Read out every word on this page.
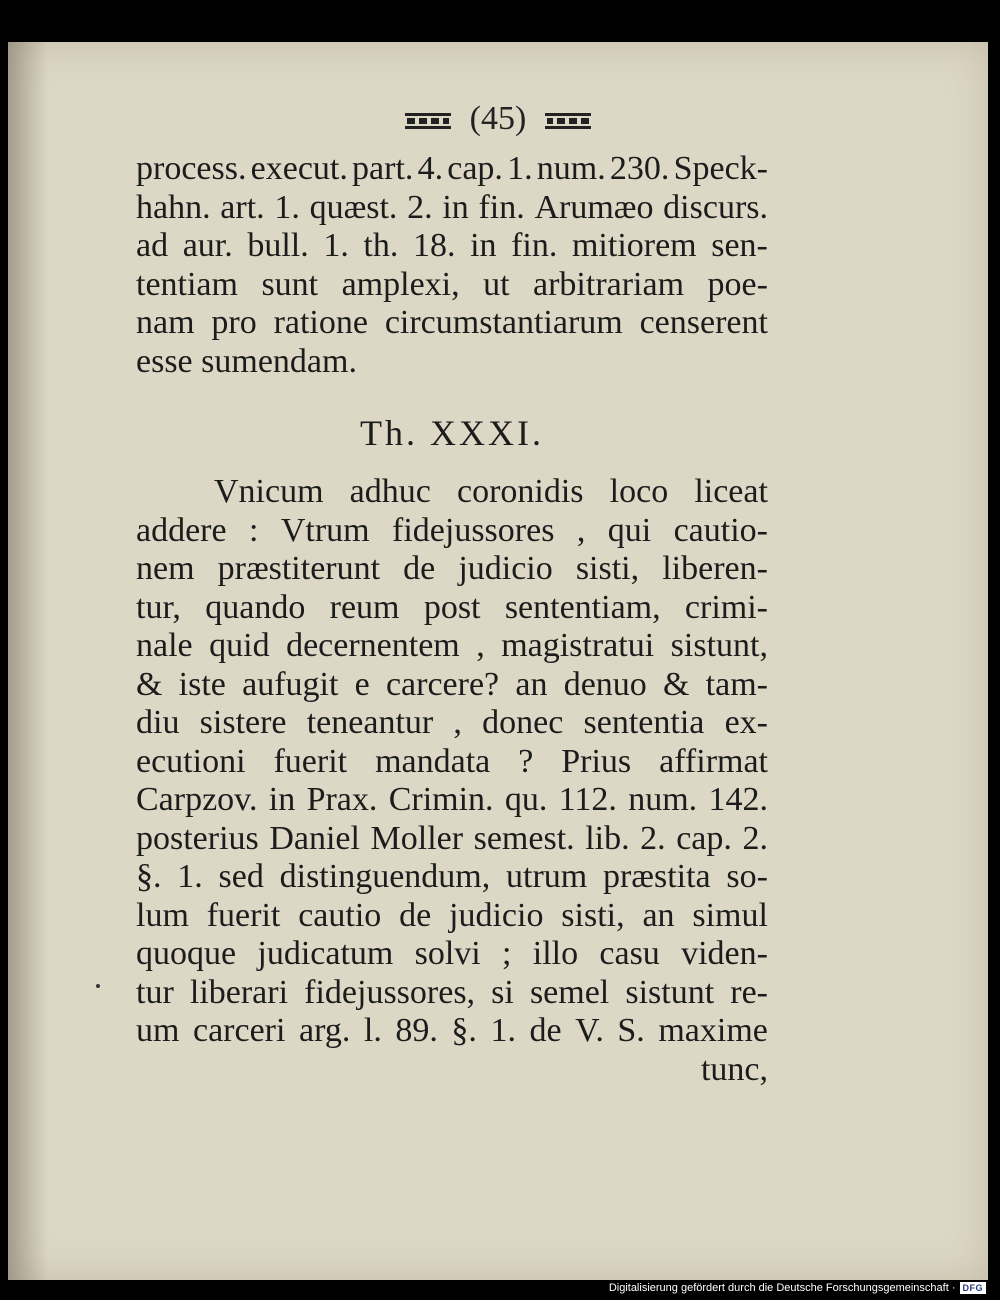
(45)
process. execut. part. 4. cap. 1. num. 230. Speck-
hahn. art. 1. quæst. 2. in fin. Arumæo discurs.
ad aur. bull. 1. th. 18. in fin. mitiorem sen-
tentiam sunt amplexi, ut arbitrariam poe-
nam pro ratione circumstantiarum censerent
esse sumendam.
Th. XXXI.
Vnicum adhuc coronidis loco liceat
addere : Vtrum fidejussores , qui cautio-
nem præstiterunt de judicio sisti, liberen-
tur, quando reum post sententiam, crimi-
nale quid decernentem , magistratui sistunt,
& iste aufugit e carcere? an denuo & tam-
diu sistere teneantur , donec sententia ex-
ecutioni fuerit mandata ? Prius affirmat
Carpzov. in Prax. Crimin. qu. 112. num. 142.
posterius Daniel Moller semest. lib. 2. cap. 2.
§. 1. sed distinguendum, utrum præstita so-
lum fuerit cautio de judicio sisti, an simul
quoque judicatum solvi ; illo casu viden-
tur liberari fidejussores, si semel sistunt re-
um carceri arg. l. 89. §. 1. de V. S. maxime
tunc,
Digitalisierung gefördert durch die Deutsche Forschungsgemeinschaft · DFG
